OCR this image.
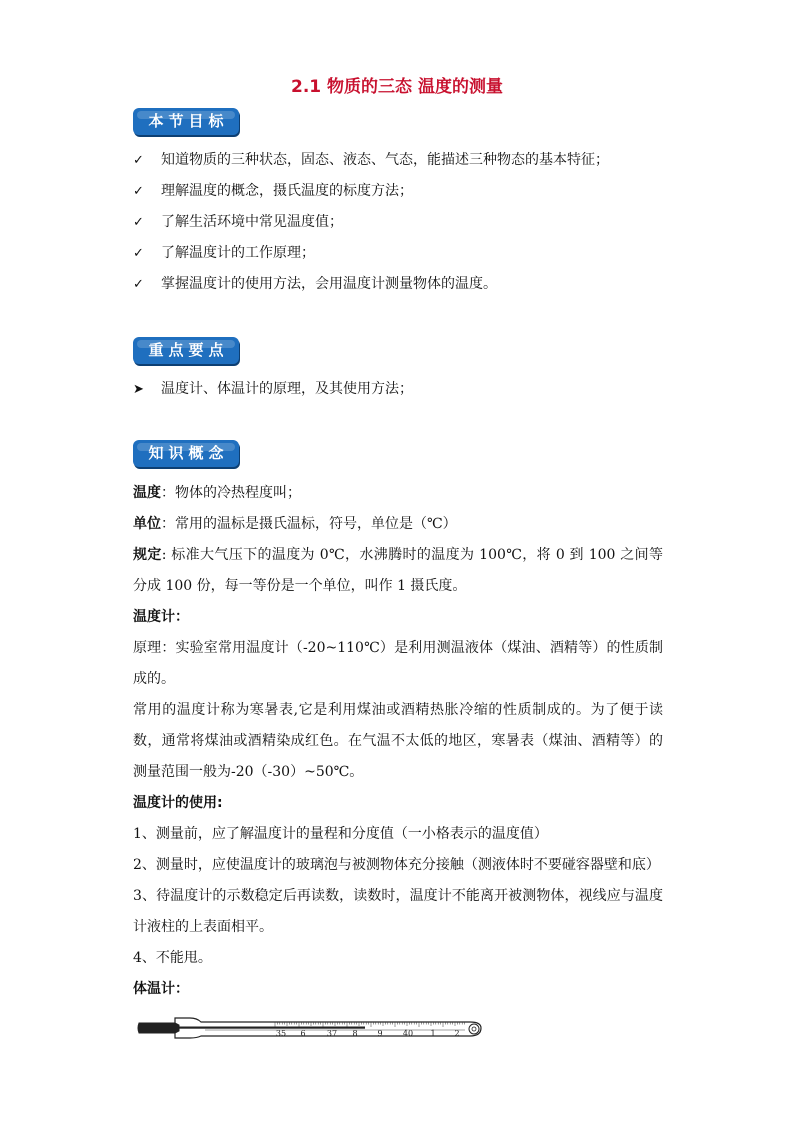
2.1 物质的三态 温度的测量
本节目标
✓ 知道物质的三种状态，固态、液态、气态，能描述三种物态的基本特征；
✓ 理解温度的概念，摄氏温度的标度方法；
✓ 了解生活环境中常见温度值；
✓ 了解温度计的工作原理；
✓ 掌握温度计的使用方法，会用温度计测量物体的温度。
重点要点
➤ 温度计、体温计的原理，及其使用方法；
知识概念

温度：物体的冷热程度叫；

单位：常用的温标是摄氏温标，符号，单位是（℃）

规定: 标准大气压下的温度为 0℃，水沸腾时的温度为 100℃，将 0 到 100 之间等分成 100 份，每一等份是一个单位，叫作 1 摄氏度。

温度计：

原理：实验室常用温度计（-20~110℃）是利用测温液体（煤油、酒精等）的性质制成的。

常用的温度计称为寒暑表,它是利用煤油或酒精热胀冷缩的性质制成的。为了便于读数，通常将煤油或酒精染成红色。在气温不太低的地区，寒暑表（煤油、酒精等）的测量范围一般为-20（-30）~50℃。

温度计的使用:

1、测量前，应了解温度计的量程和分度值（一小格表示的温度值）

2、测量时，应使温度计的玻璃泡与被测物体充分接触（测液体时不要碰容器壁和底）

3、待温度计的示数稳定后再读数，读数时，温度计不能离开被测物体，视线应与温度计液柱的上表面相平。

4、不能甩。

体温计：

35 6	37 8 9	40 1 2
